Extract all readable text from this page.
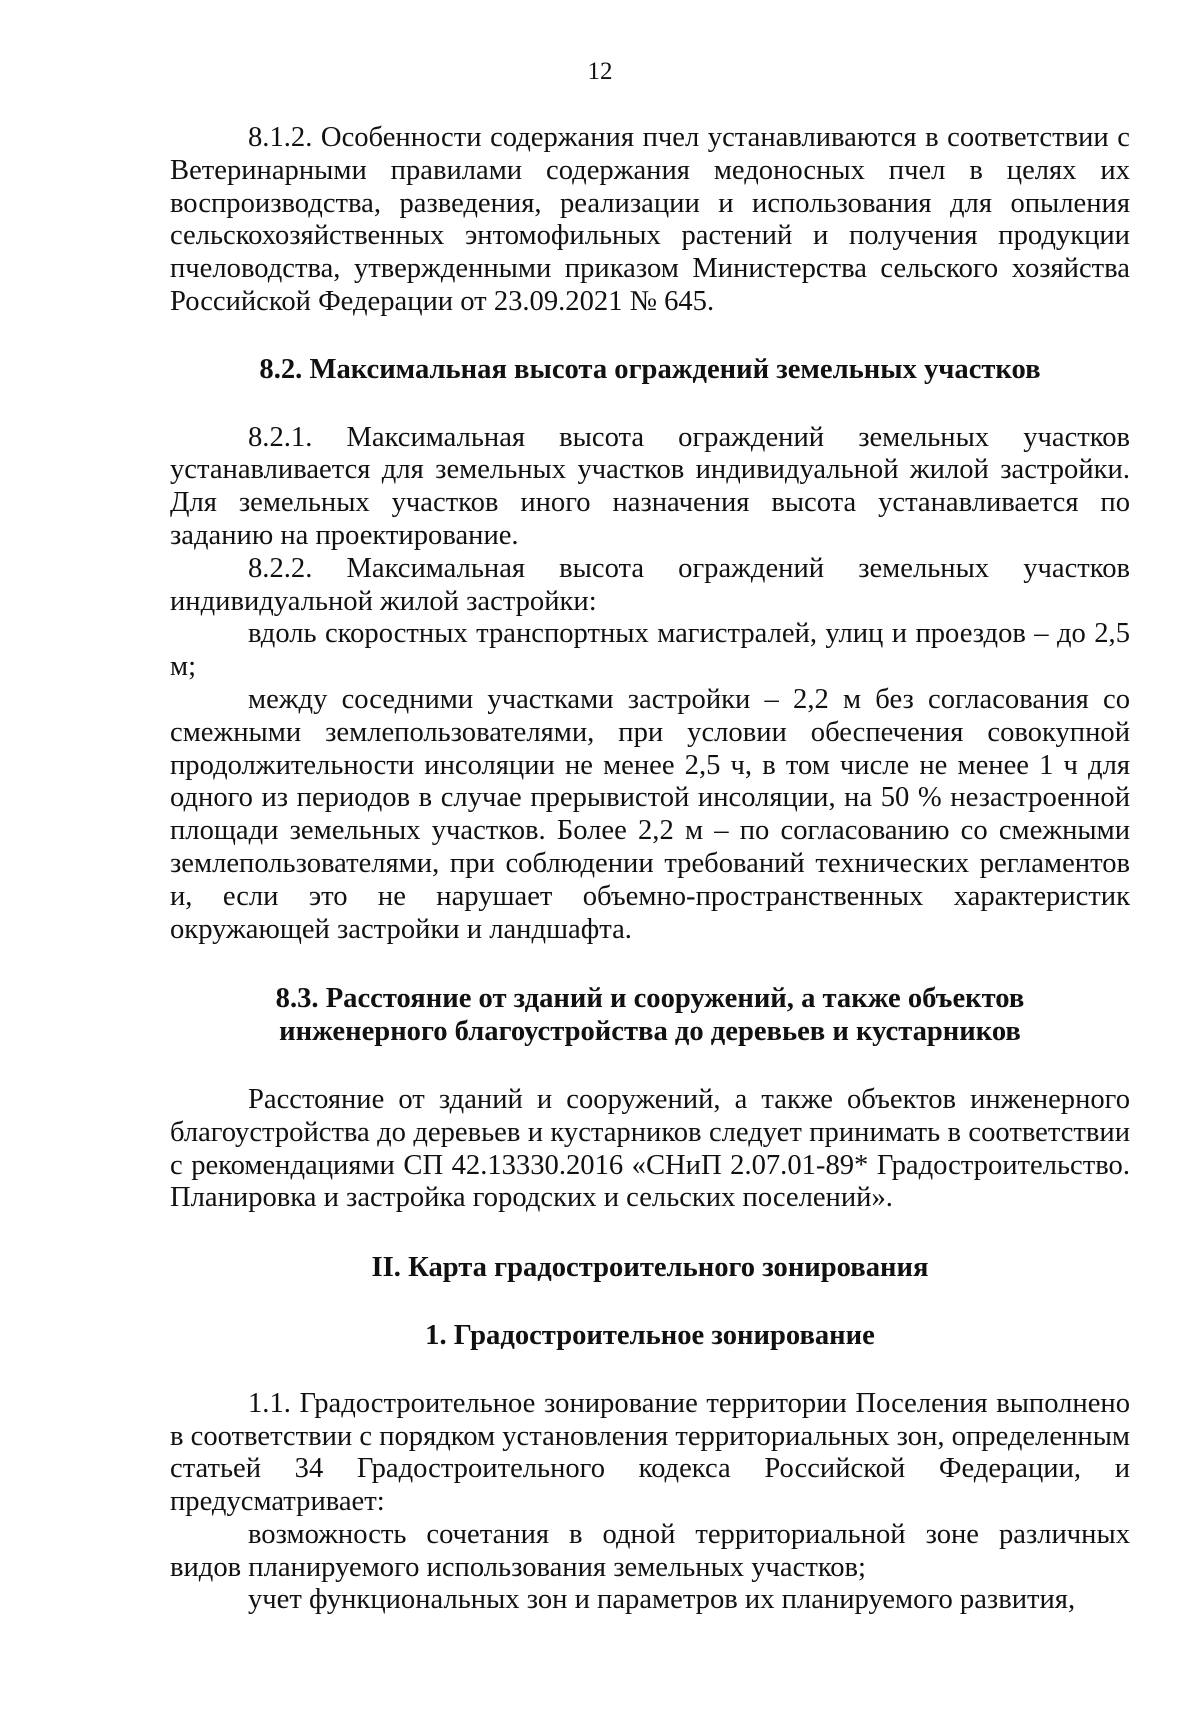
12

8.1.2. Особенности содержания пчел устанавливаются в соответствии с Ветеринарными правилами содержания медоносных пчел в целях их воспроизводства, разведения, реализации и использования для опыления сельскохозяйственных энтомофильных растений и получения продукции пчеловодства, утвержденными приказом Министерства сельского хозяйства Российской Федерации от 23.09.2021 № 645.

8.2. Максимальная высота ограждений земельных участков

8.2.1. Максимальная высота ограждений земельных участков устанавливается для земельных участков индивидуальной жилой застройки. Для земельных участков иного назначения высота устанавливается по заданию на проектирование.

8.2.2. Максимальная высота ограждений земельных участков индивидуальной жилой застройки:

вдоль скоростных транспортных магистралей, улиц и проездов – до 2,5 м;

между соседними участками застройки – 2,2 м без согласования со смежными землепользователями, при условии обеспечения совокупной продолжительности инсоляции не менее 2,5 ч, в том числе не менее 1 ч для одного из периодов в случае прерывистой инсоляции, на 50 % незастроенной площади земельных участков. Более 2,2 м – по согласованию со смежными землепользователями, при соблюдении требований технических регламентов и, если это не нарушает объемно-пространственных характеристик окружающей застройки и ландшафта.

8.3. Расстояние от зданий и сооружений, а также объектов

инженерного благоустройства до деревьев и кустарников

Расстояние от зданий и сооружений, а также объектов инженерного благоустройства до деревьев и кустарников следует принимать в соответствии с рекомендациями СП 42.13330.2016 «СНиП 2.07.01-89* Градостроительство. Планировка и застройка городских и сельских поселений».

II. Карта градостроительного зонирования

1. Градостроительное зонирование

1.1. Градостроительное зонирование территории Поселения выполнено в соответствии с порядком установления территориальных зон, определенным статьей 34 Градостроительного кодекса Российской Федерации, и предусматривает:

возможность сочетания в одной территориальной зоне различных видов планируемого использования земельных участков;

учет функциональных зон и параметров их планируемого развития,
